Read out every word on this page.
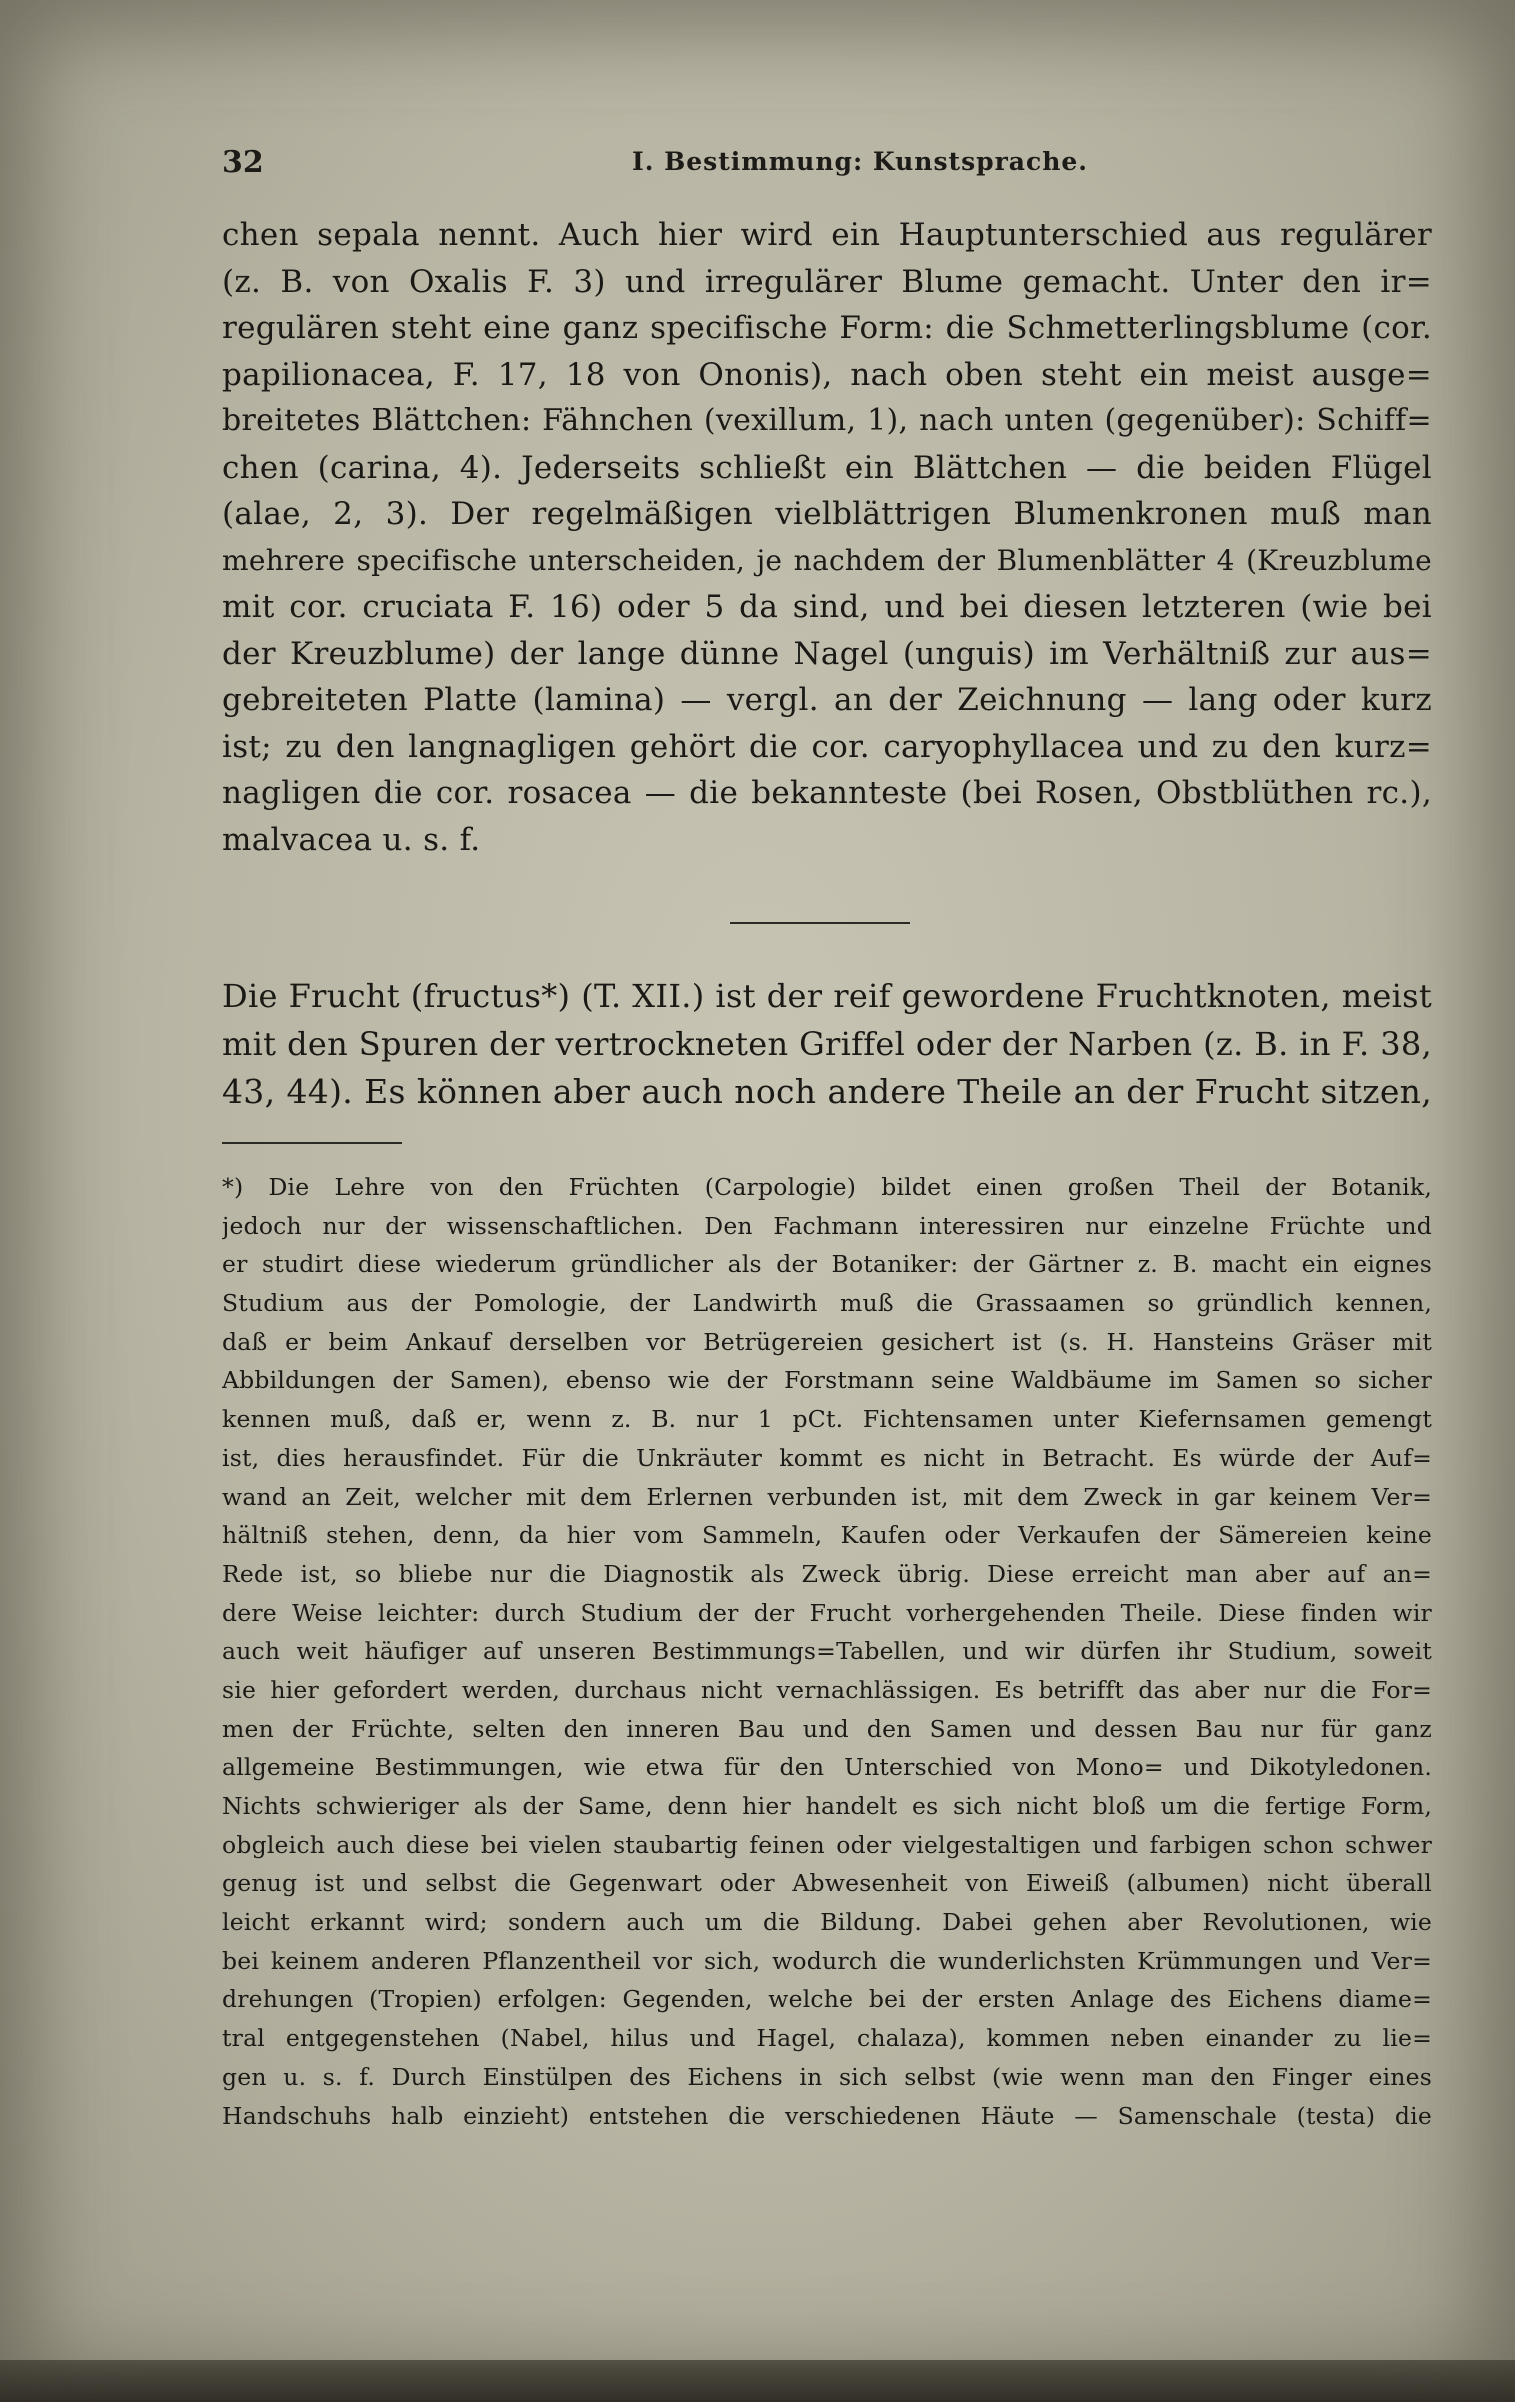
32	I. Bestimmung: Kunstsprache.
chen sepala nennt. Auch hier wird ein Hauptunterschied aus regulärer
(z. B. von Oxalis F. 3) und irregulärer Blume gemacht. Unter den ir=
regulären steht eine ganz specifische Form: die Schmetterlingsblume (cor.
papilionacea, F. 17, 18 von Ononis), nach oben steht ein meist ausge=
breitetes Blättchen: Fähnchen (vexillum, 1), nach unten (gegenüber): Schiff=
chen (carina, 4). Jederseits schließt ein Blättchen — die beiden Flügel
(alae, 2, 3). Der regelmäßigen vielblättrigen Blumenkronen muß man
mehrere specifische unterscheiden, je nachdem der Blumenblätter 4 (Kreuzblume
mit cor. cruciata F. 16) oder 5 da sind, und bei diesen letzteren (wie bei
der Kreuzblume) der lange dünne Nagel (unguis) im Verhältniß zur aus=
gebreiteten Platte (lamina) — vergl. an der Zeichnung — lang oder kurz
ist; zu den langnagligen gehört die cor. caryophyllacea und zu den kurz=
nagligen die cor. rosacea — die bekannteste (bei Rosen, Obstblüthen rc.),
malvacea u. s. f.
Die Frucht (fructus*) (T. XII.) ist der reif gewordene Fruchtknoten, meist
mit den Spuren der vertrockneten Griffel oder der Narben (z. B. in F. 38,
43, 44). Es können aber auch noch andere Theile an der Frucht sitzen,
*) Die Lehre von den Früchten (Carpologie) bildet einen großen Theil der Botanik,
jedoch nur der wissenschaftlichen. Den Fachmann interessiren nur einzelne Früchte und
er studirt diese wiederum gründlicher als der Botaniker: der Gärtner z. B. macht ein eignes
Studium aus der Pomologie, der Landwirth muß die Grassaamen so gründlich kennen,
daß er beim Ankauf derselben vor Betrügereien gesichert ist (s. H. Hansteins Gräser mit
Abbildungen der Samen), ebenso wie der Forstmann seine Waldbäume im Samen so sicher
kennen muß, daß er, wenn z. B. nur 1 pCt. Fichtensamen unter Kiefernsamen gemengt
ist, dies herausfindet. Für die Unkräuter kommt es nicht in Betracht. Es würde der Auf=
wand an Zeit, welcher mit dem Erlernen verbunden ist, mit dem Zweck in gar keinem Ver=
hältniß stehen, denn, da hier vom Sammeln, Kaufen oder Verkaufen der Sämereien keine
Rede ist, so bliebe nur die Diagnostik als Zweck übrig. Diese erreicht man aber auf an=
dere Weise leichter: durch Studium der der Frucht vorhergehenden Theile. Diese finden wir
auch weit häufiger auf unseren Bestimmungs=Tabellen, und wir dürfen ihr Studium, soweit
sie hier gefordert werden, durchaus nicht vernachlässigen. Es betrifft das aber nur die For=
men der Früchte, selten den inneren Bau und den Samen und dessen Bau nur für ganz
allgemeine Bestimmungen, wie etwa für den Unterschied von Mono= und Dikotyledonen.
Nichts schwieriger als der Same, denn hier handelt es sich nicht bloß um die fertige Form,
obgleich auch diese bei vielen staubartig feinen oder vielgestaltigen und farbigen schon schwer
genug ist und selbst die Gegenwart oder Abwesenheit von Eiweiß (albumen) nicht überall
leicht erkannt wird; sondern auch um die Bildung. Dabei gehen aber Revolutionen, wie
bei keinem anderen Pflanzentheil vor sich, wodurch die wunderlichsten Krümmungen und Ver=
drehungen (Tropien) erfolgen: Gegenden, welche bei der ersten Anlage des Eichens diame=
tral entgegenstehen (Nabel, hilus und Hagel, chalaza), kommen neben einander zu lie=
gen u. s. f. Durch Einstülpen des Eichens in sich selbst (wie wenn man den Finger eines
Handschuhs halb einzieht) entstehen die verschiedenen Häute — Samenschale (testa) die
